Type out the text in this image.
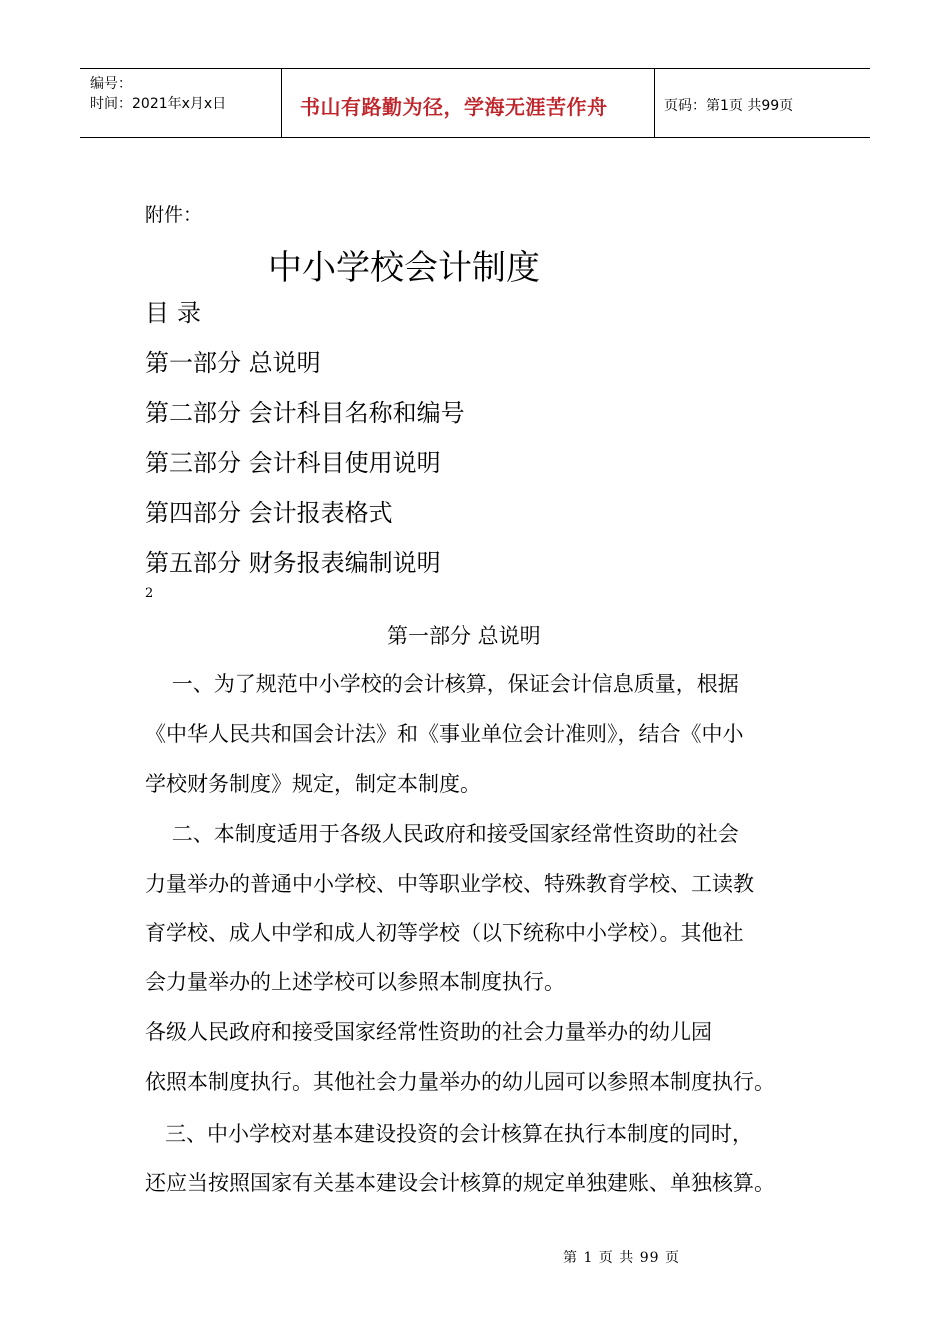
编号：
时间：2021年x月x日	书山有路勤为径，学海无涯苦作舟	页码：第1页 共99页
附件：
中小学校会计制度
目录
第一部分 总说明
第二部分 会计科目名称和编号
第三部分 会计科目使用说明
第四部分 会计报表格式
第五部分 财务报表编制说明
2
第一部分 总说明
一、为了规范中小学校的会计核算，保证会计信息质量，根据
《中华人民共和国会计法》和《事业单位会计准则》，结合《中小
学校财务制度》规定，制定本制度。
二、本制度适用于各级人民政府和接受国家经常性资助的社会
力量举办的普通中小学校、中等职业学校、特殊教育学校、工读教
育学校、成人中学和成人初等学校（以下统称中小学校）。其他社
会力量举办的上述学校可以参照本制度执行。
各级人民政府和接受国家经常性资助的社会力量举办的幼儿园
依照本制度执行。其他社会力量举办的幼儿园可以参照本制度执行。
三、中小学校对基本建设投资的会计核算在执行本制度的同时，
还应当按照国家有关基本建设会计核算的规定单独建账、单独核算。
第 1 页 共 99 页
